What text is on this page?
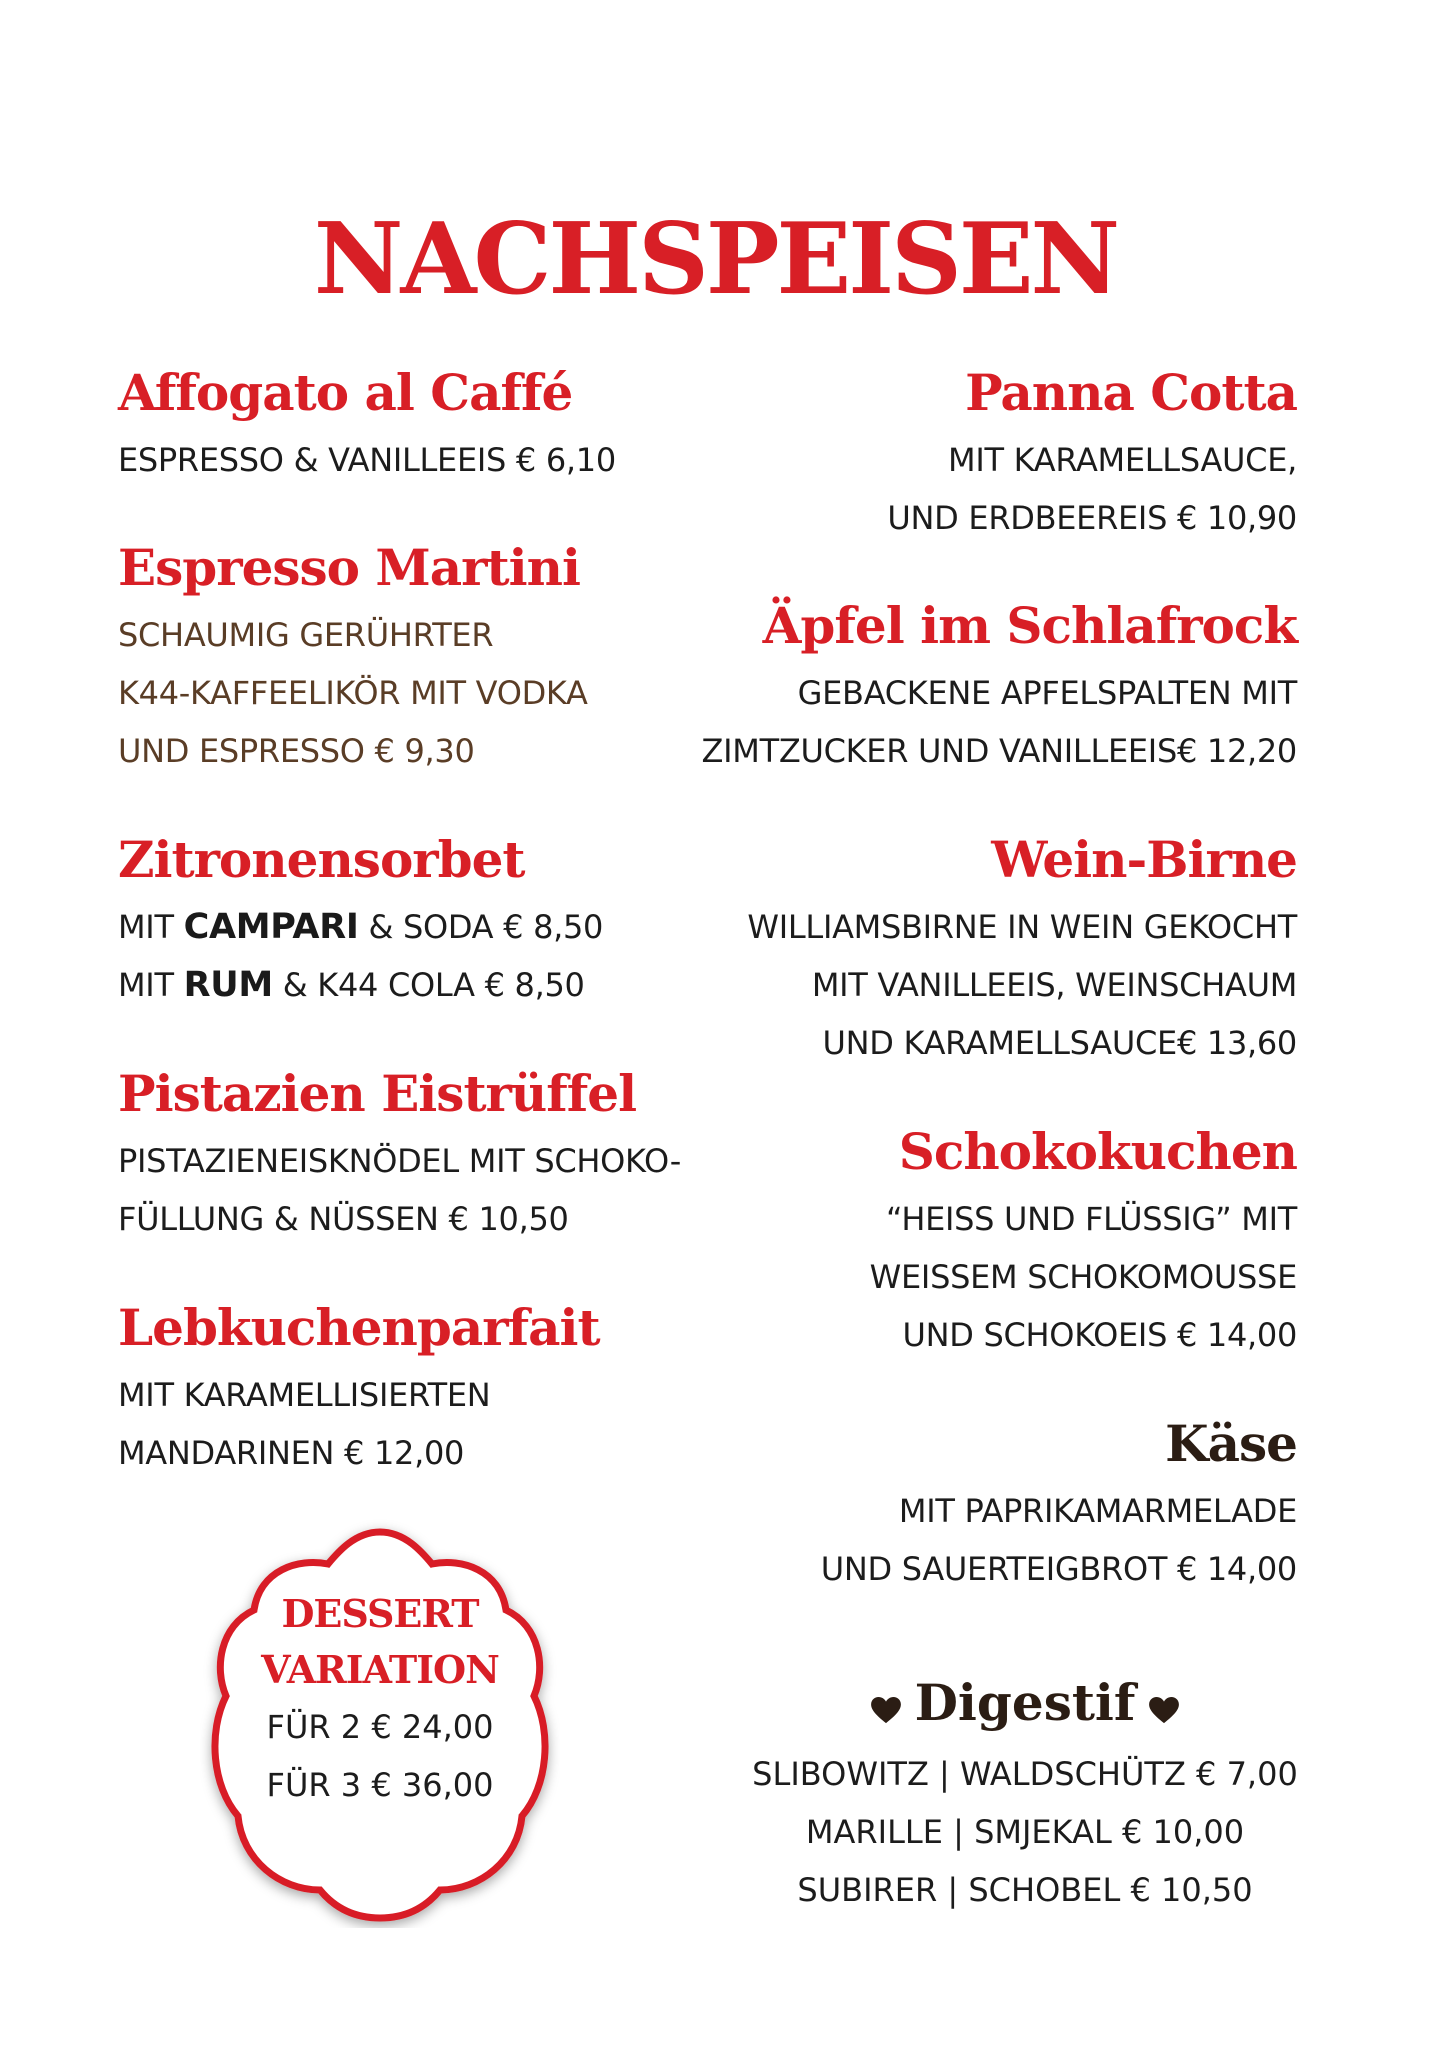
NACHSPEISEN
Affogato al Caffé
ESPRESSO & VANILLEEIS € 6,10
Espresso Martini
SCHAUMIG GERÜHRTER
K44-KAFFEELIKÖR MIT VODKA
UND ESPRESSO € 9,30
Zitronensorbet
MIT CAMPARI & SODA € 8,50
MIT RUM & K44 COLA € 8,50
Pistazien Eistrüffel
PISTAZIENEISKNÖDEL MIT SCHOKO-
FÜLLUNG & NÜSSEN € 10,50
Lebkuchenparfait
MIT KARAMELLISIERTEN
MANDARINEN € 12,00
Panna Cotta
MIT KARAMELLSAUCE,
UND ERDBEEREIS € 10,90
Äpfel im Schlafrock
GEBACKENE APFELSPALTEN MIT
ZIMTZUCKER UND VANILLEEIS€ 12,20
Wein-Birne
WILLIAMSBIRNE IN WEIN GEKOCHT
MIT VANILLEEIS, WEINSCHAUM
UND KARAMELLSAUCE€ 13,60
Schokokuchen
“HEISS UND FLÜSSIG” MIT
WEISSEM SCHOKOMOUSSE
UND SCHOKOEIS € 14,00
Käse
MIT PAPRIKAMARMELADE
UND SAUERTEIGBROT € 14,00
DESSERT
VARIATION
FÜR 2 € 24,00
FÜR 3 € 36,00
Digestif
SLIBOWITZ | WALDSCHÜTZ € 7,00
MARILLE | SMJEKAL € 10,00
SUBIRER | SCHOBEL € 10,50
